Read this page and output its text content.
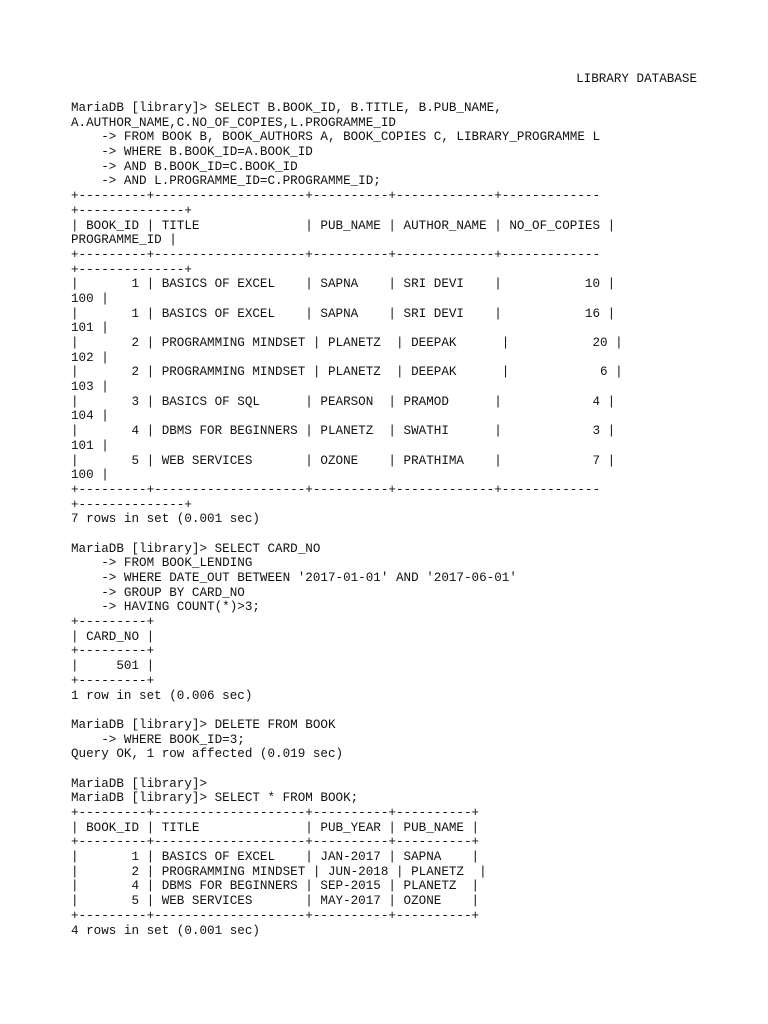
LIBRARY DATABASE
MariaDB [library]> SELECT B.BOOK_ID, B.TITLE, B.PUB_NAME,
A.AUTHOR_NAME,C.NO_OF_COPIES,L.PROGRAMME_ID
-> FROM BOOK B, BOOK_AUTHORS A, BOOK_COPIES C, LIBRARY_PROGRAMME L
-> WHERE B.BOOK_ID=A.BOOK_ID
-> AND B.BOOK_ID=C.BOOK_ID
-> AND L.PROGRAMME_ID=C.PROGRAMME_ID;
+---------+--------------------+----------+-------------+-------------
+--------------+
| BOOK_ID | TITLE              | PUB_NAME | AUTHOR_NAME | NO_OF_COPIES |
PROGRAMME_ID |
+---------+--------------------+----------+-------------+-------------
+--------------+
|       1 | BASICS OF EXCEL    | SAPNA    | SRI DEVI    |           10 |
100 |
|       1 | BASICS OF EXCEL    | SAPNA    | SRI DEVI    |           16 |
101 |
|       2 | PROGRAMMING MINDSET | PLANETZ  | DEEPAK      |           20 |
102 |
|       2 | PROGRAMMING MINDSET | PLANETZ  | DEEPAK      |            6 |
103 |
|       3 | BASICS OF SQL      | PEARSON  | PRAMOD      |            4 |
104 |
|       4 | DBMS FOR BEGINNERS | PLANETZ  | SWATHI      |            3 |
101 |
|       5 | WEB SERVICES       | OZONE    | PRATHIMA    |            7 |
100 |
+---------+--------------------+----------+-------------+-------------
+--------------+
7 rows in set (0.001 sec)
MariaDB [library]> SELECT CARD_NO
-> FROM BOOK_LENDING
-> WHERE DATE_OUT BETWEEN '2017-01-01' AND '2017-06-01'
-> GROUP BY CARD_NO
-> HAVING COUNT(*)>3;
+---------+
| CARD_NO |
+---------+
|     501 |
+---------+
1 row in set (0.006 sec)
MariaDB [library]> DELETE FROM BOOK
-> WHERE BOOK_ID=3;
Query OK, 1 row affected (0.019 sec)
MariaDB [library]>
MariaDB [library]> SELECT * FROM BOOK;
+---------+--------------------+----------+----------+
| BOOK_ID | TITLE              | PUB_YEAR | PUB_NAME |
+---------+--------------------+----------+----------+
|       1 | BASICS OF EXCEL    | JAN-2017 | SAPNA    |
|       2 | PROGRAMMING MINDSET | JUN-2018 | PLANETZ  |
|       4 | DBMS FOR BEGINNERS | SEP-2015 | PLANETZ  |
|       5 | WEB SERVICES       | MAY-2017 | OZONE    |
+---------+--------------------+----------+----------+
4 rows in set (0.001 sec)
